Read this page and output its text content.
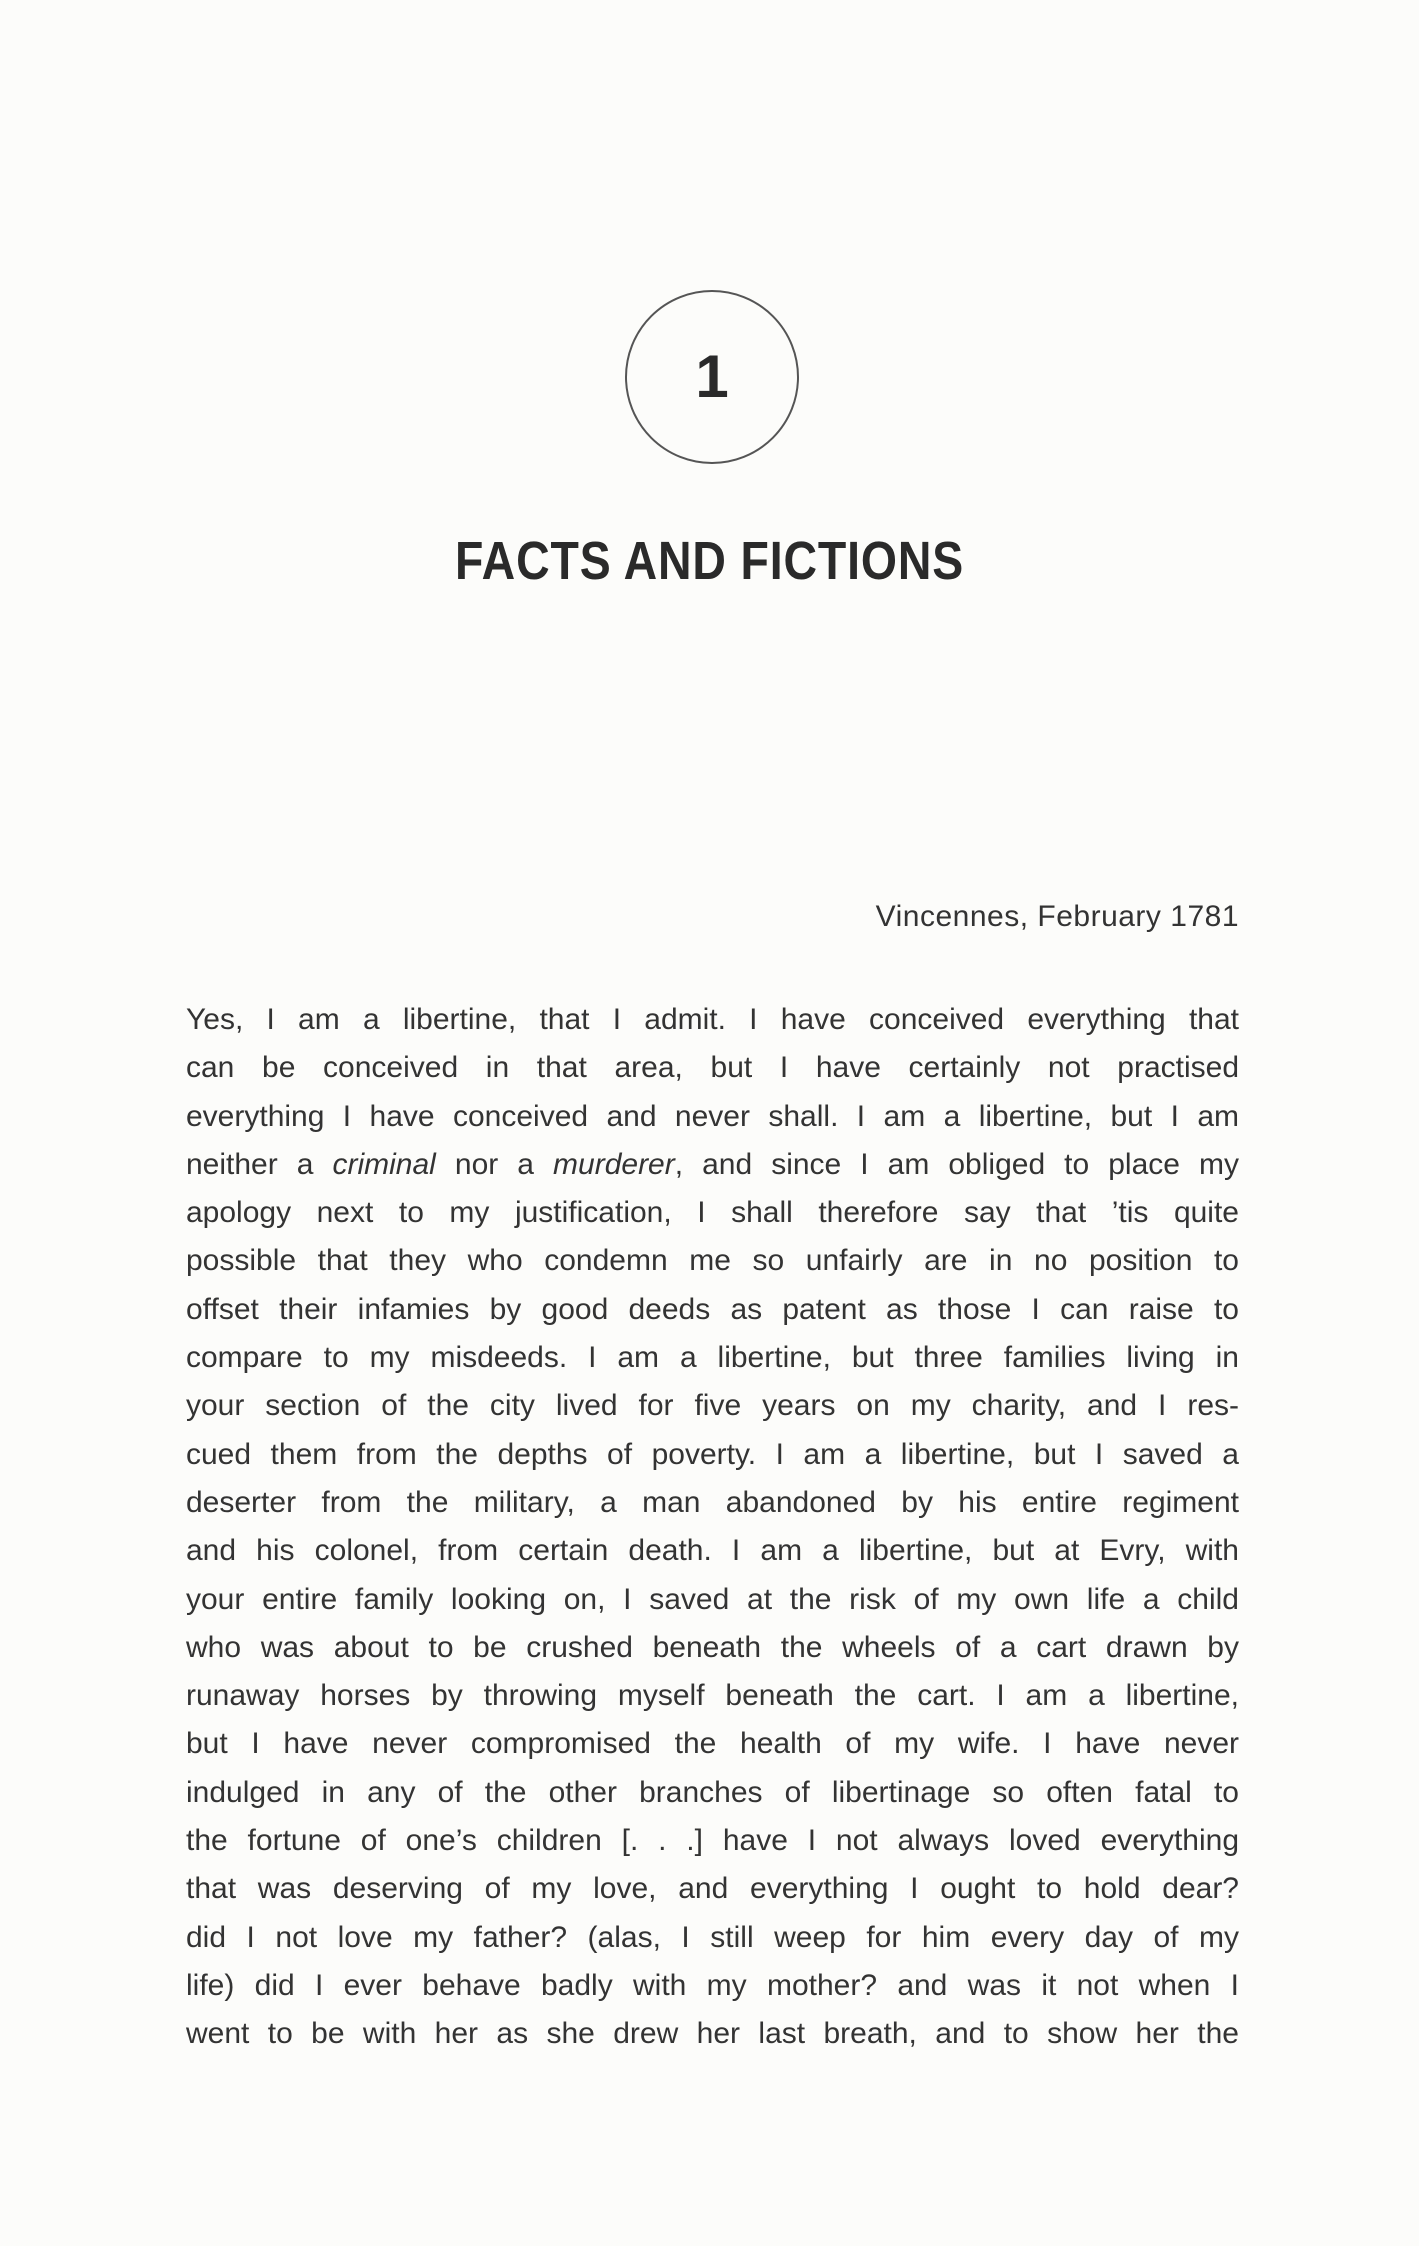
1
FACTS AND FICTIONS
Vincennes, February 1781
Yes, I am a libertine, that I admit. I have conceived everything that
can be conceived in that area, but I have certainly not practised
everything I have conceived and never shall. I am a libertine, but I am
neither a criminal nor a murderer, and since I am obliged to place my
apology next to my justification, I shall therefore say that ’tis quite
possible that they who condemn me so unfairly are in no position to
offset their infamies by good deeds as patent as those I can raise to
compare to my misdeeds. I am a libertine, but three families living in
your section of the city lived for five years on my charity, and I res-
cued them from the depths of poverty. I am a libertine, but I saved a
deserter from the military, a man abandoned by his entire regiment
and his colonel, from certain death. I am a libertine, but at Evry, with
your entire family looking on, I saved at the risk of my own life a child
who was about to be crushed beneath the wheels of a cart drawn by
runaway horses by throwing myself beneath the cart. I am a libertine,
but I have never compromised the health of my wife. I have never
indulged in any of the other branches of libertinage so often fatal to
the fortune of one’s children [. . .] have I not always loved everything
that was deserving of my love, and everything I ought to hold dear?
did I not love my father? (alas, I still weep for him every day of my
life) did I ever behave badly with my mother? and was it not when I
went to be with her as she drew her last breath, and to show her the
